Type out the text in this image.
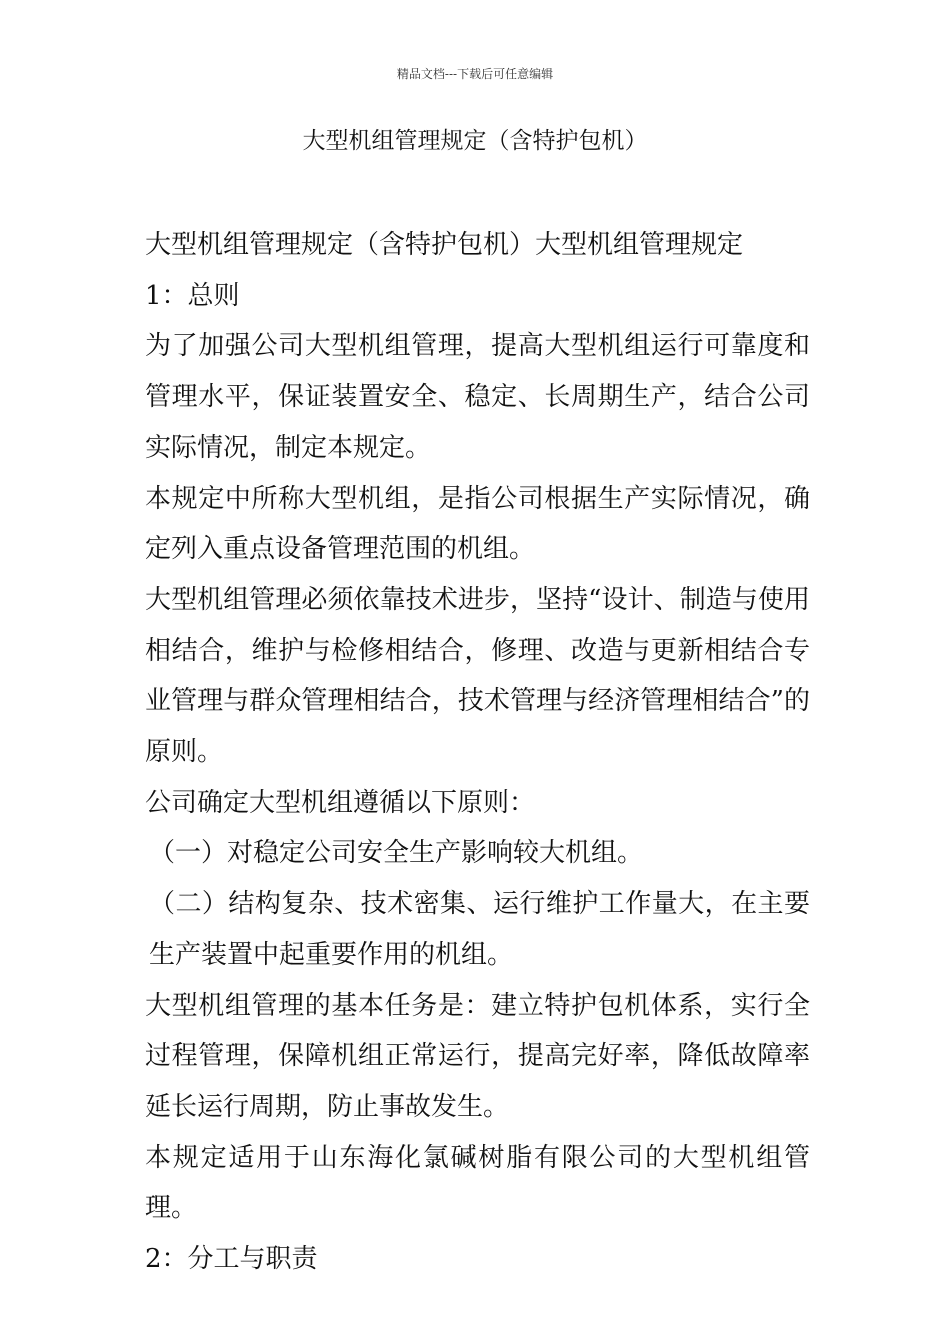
精品文档---下载后可任意编辑
大型机组管理规定（含特护包机）

大型机组管理规定（含特护包机）大型机组管理规定

1：总则

为了加强公司大型机组管理，提高大型机组运行可靠度和管理水平，保证装置安全、稳定、长周期生产，结合公司实际情况，制定本规定。

本规定中所称大型机组，是指公司根据生产实际情况，确定列入重点设备管理范围的机组。

大型机组管理必须依靠技术进步，坚持“设计、制造与使用相结合，维护与检修相结合，修理、改造与更新相结合专业管理与群众管理相结合，技术管理与经济管理相结合”的原则。

公司确定大型机组遵循以下原则：

（一）对稳定公司安全生产影响较大机组。

（二）结构复杂、技术密集、运行维护工作量大，在主要生产装置中起重要作用的机组。

大型机组管理的基本任务是：建立特护包机体系，实行全过程管理，保障机组正常运行，提高完好率，降低故障率延长运行周期，防止事故发生。

本规定适用于山东海化氯碱树脂有限公司的大型机组管理。

2：分工与职责
